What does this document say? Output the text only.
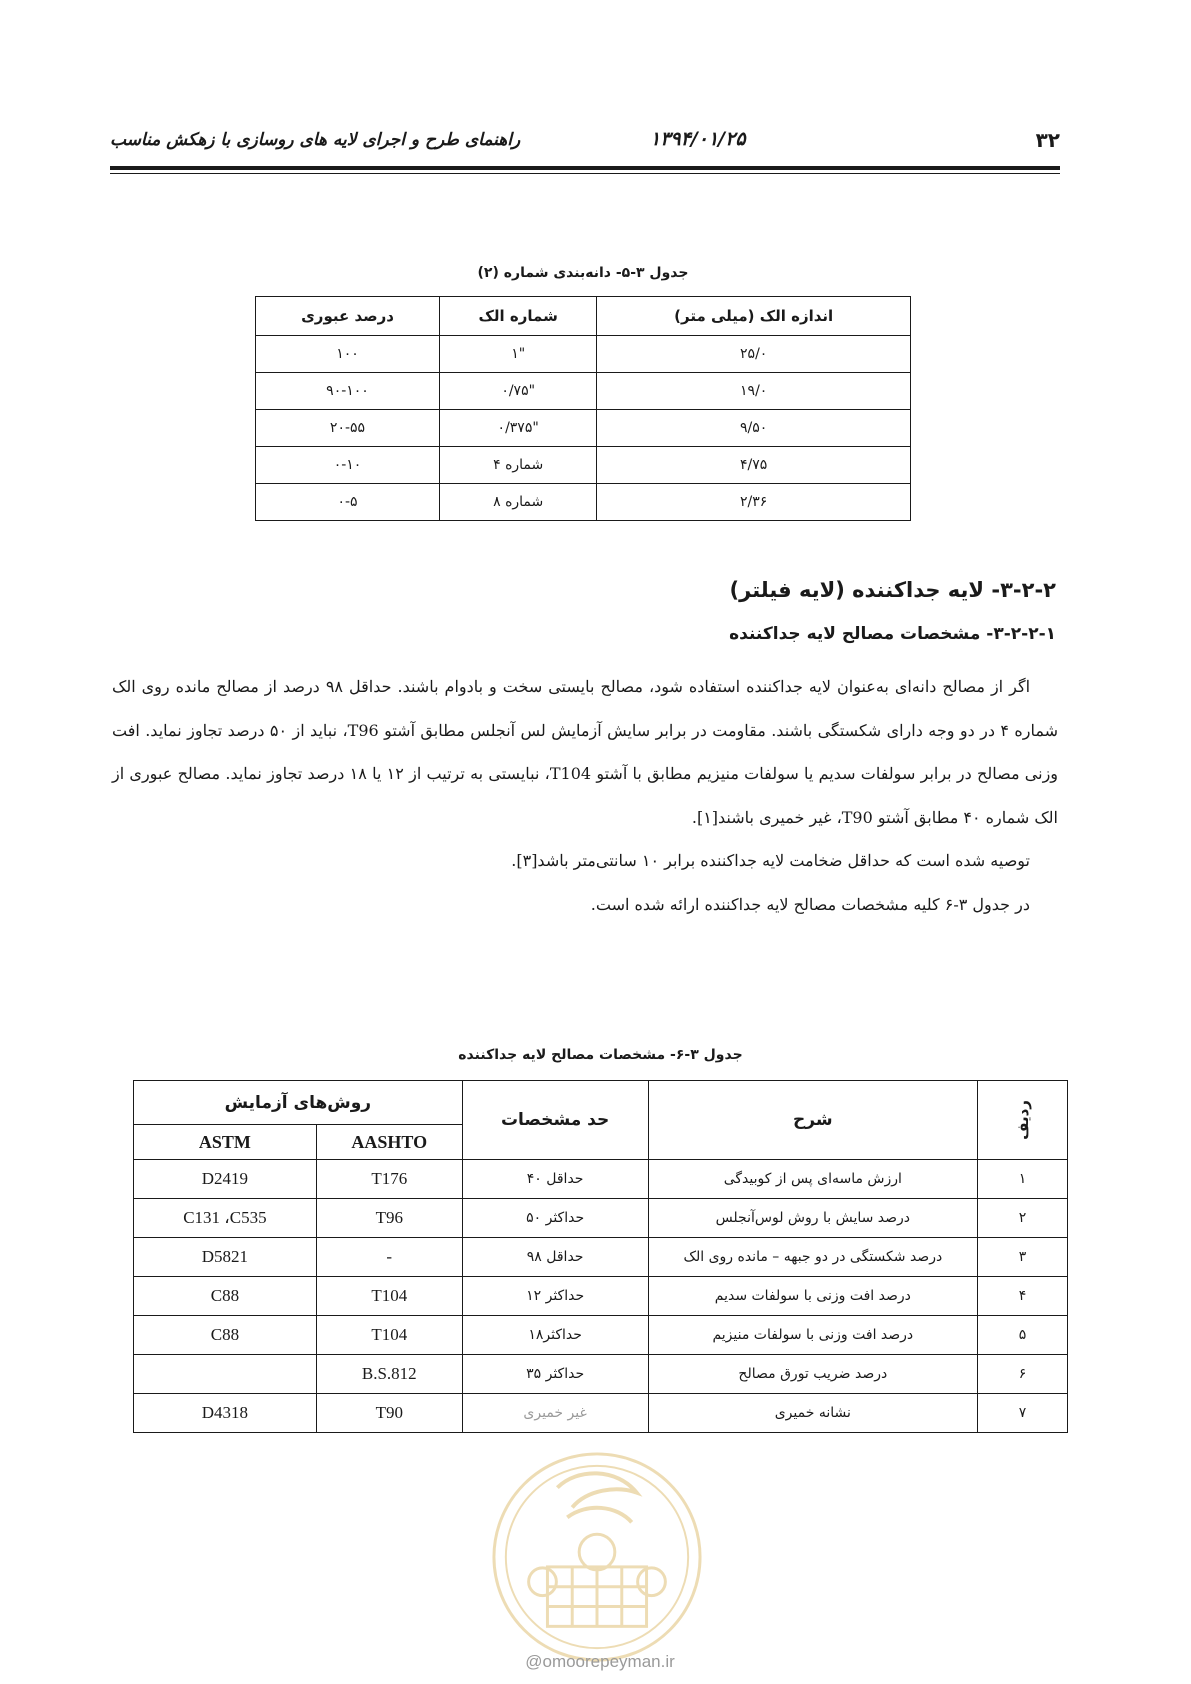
۳۲
۱۳۹۴/۰۱/۲۵
راهنمای طرح و اجرای لایه های روسازی با زهکش مناسب
جدول ۳-۵- دانه‌بندی شماره (۲)
اندازه الک (میلی متر)	شماره الک	درصد عبوری
۲۵/۰	"۱	۱۰۰
۱۹/۰	"۰/۷۵	۹۰-۱۰۰
۹/۵۰	"۰/۳۷۵	۲۰-۵۵
۴/۷۵	شماره ۴	۰-۱۰
۲/۳۶	شماره ۸	۰-۵
۳-۲-۲- لایه جداکننده (لایه فیلتر)
۳-۲-۲-۱- مشخصات مصالح لایه جداکننده

اگر از مصالح دانه‌ای به‌عنوان لایه جداکننده استفاده شود، مصالح بایستی سخت و بادوام باشند. حداقل ۹۸ درصد از مصالح مانده روی الک شماره ۴ در دو وجه دارای شکستگی باشند. مقاومت در برابر سایش آزمایش لس آنجلس مطابق آشتو T96، نباید از ۵۰ درصد تجاوز نماید. افت وزنی مصالح در برابر سولفات سدیم یا سولفات منیزیم مطابق با آشتو T104، نبایستی به ترتیب از ۱۲ یا ۱۸ درصد تجاوز نماید. مصالح عبوری از الک شماره ۴۰ مطابق آشتو T90، غیر خمیری باشند[۱].

توصیه شده است که حداقل ضخامت لایه جداکننده برابر ۱۰ سانتی‌متر باشد[۳].

در جدول ۳-۶ کلیه مشخصات مصالح لایه جداکننده ارائه شده است.

جدول ۳-۶- مشخصات مصالح لایه جداکننده
ردیف	شرح	حد مشخصات	روش‌های آزمایش	
			AASHTO	ASTM
۱	ارزش ماسه‌ای پس از کوبیدگی	حداقل ۴۰	T176	D2419
۲	درصد سایش با روش لوس‌آنجلس	حداکثر ۵۰	T96	C131 ،C535
۳	درصد شکستگی در دو جبهه – مانده روی الک	حداقل ۹۸	-	D5821
۴	درصد افت وزنی با سولفات سدیم	حداکثر ۱۲	T104	C88
۵	درصد افت وزنی با سولفات منیزیم	حداکثر۱۸	T104	C88
۶	درصد ضریب تورق مصالح	حداکثر ۳۵	B.S.812	
۷	نشانه خمیری	غیر خمیری	T90	D4318
@omoorepeyman.ir
